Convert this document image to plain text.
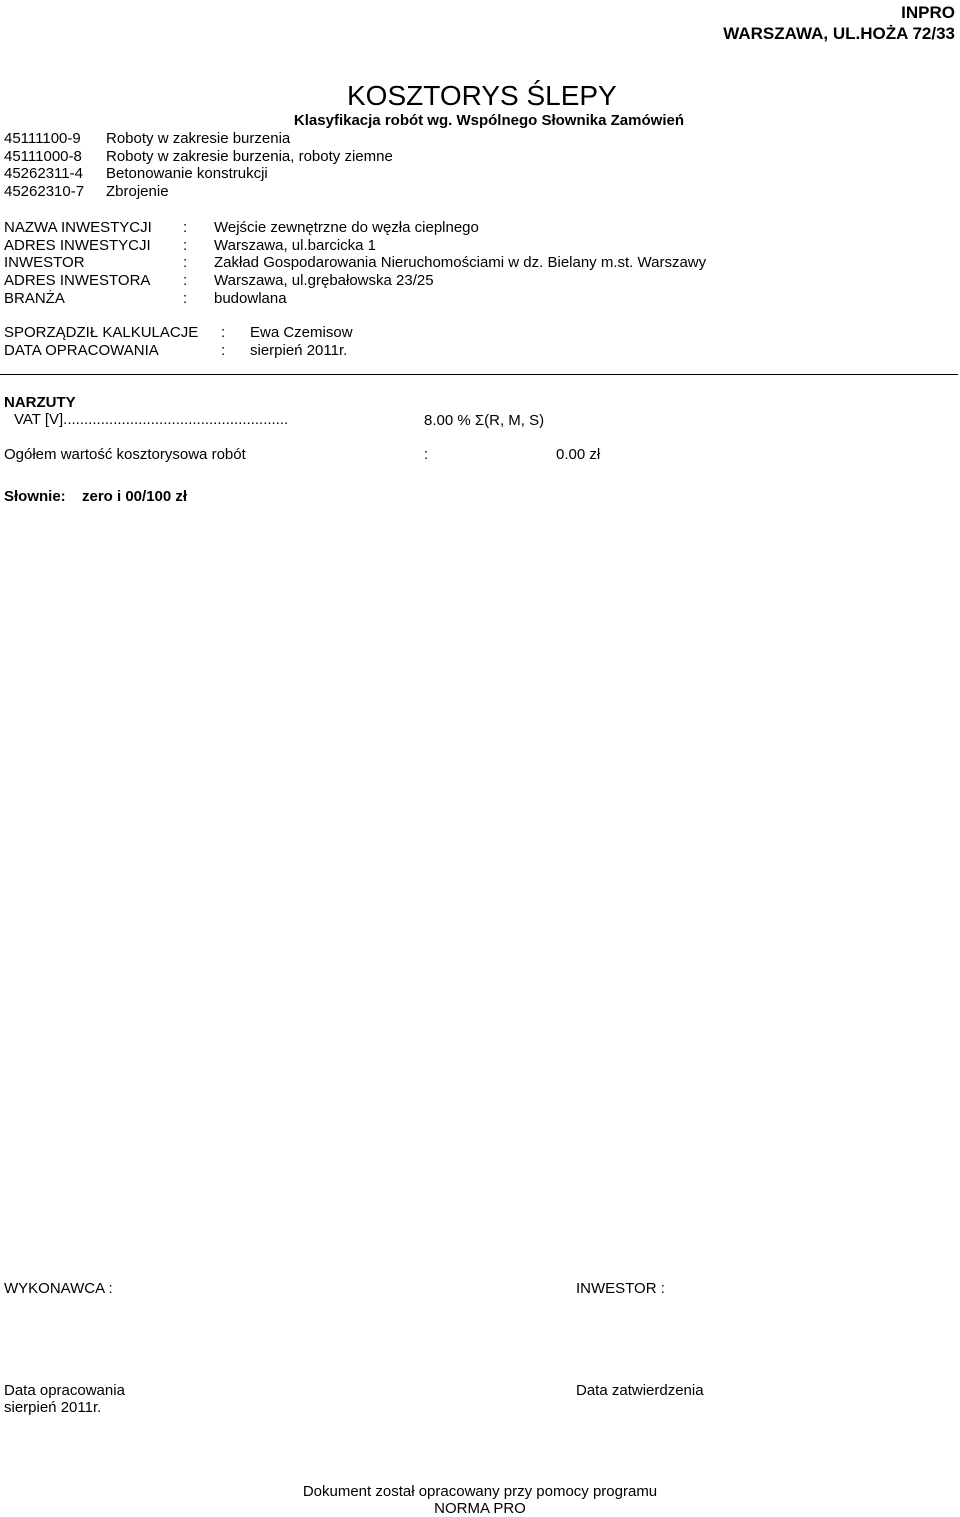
INPRO
WARSZAWA, UL.HOŻA 72/33
KOSZTORYS ŚLEPY
Klasyfikacja robót wg. Wspólnego Słownika Zamówień
45111100-9 Roboty w zakresie burzenia
45111000-8 Roboty w zakresie burzenia, roboty ziemne
45262311-4 Betonowanie konstrukcji
45262310-7 Zbrojenie
NAZWA INWESTYCJI : Wejście zewnętrzne do węzła cieplnego
ADRES INWESTYCJI : Warszawa, ul.barcicka 1
INWESTOR	: Zakład Gospodarowania Nieruchomościami w dz. Bielany m.st. Warszawy
ADRES INWESTORA : Warszawa, ul.grębałowska 23/25
BRANŻA	: budowlana
SPORZĄDZIŁ KALKULACJE : Ewa Czemisow
DATA OPRACOWANIA	: sierpień 2011r.
NARZUTY
VAT [V]......................................................	8.00 % Σ(R, M, S)
Ogółem wartość kosztorysowa robót	:	0.00 zł
Słownie: zero i 00/100 zł
WYKONAWCA :	INWESTOR :
Data opracowania
sierpień 2011r.
Data zatwierdzenia
Dokument został opracowany przy pomocy programu
NORMA PRO
